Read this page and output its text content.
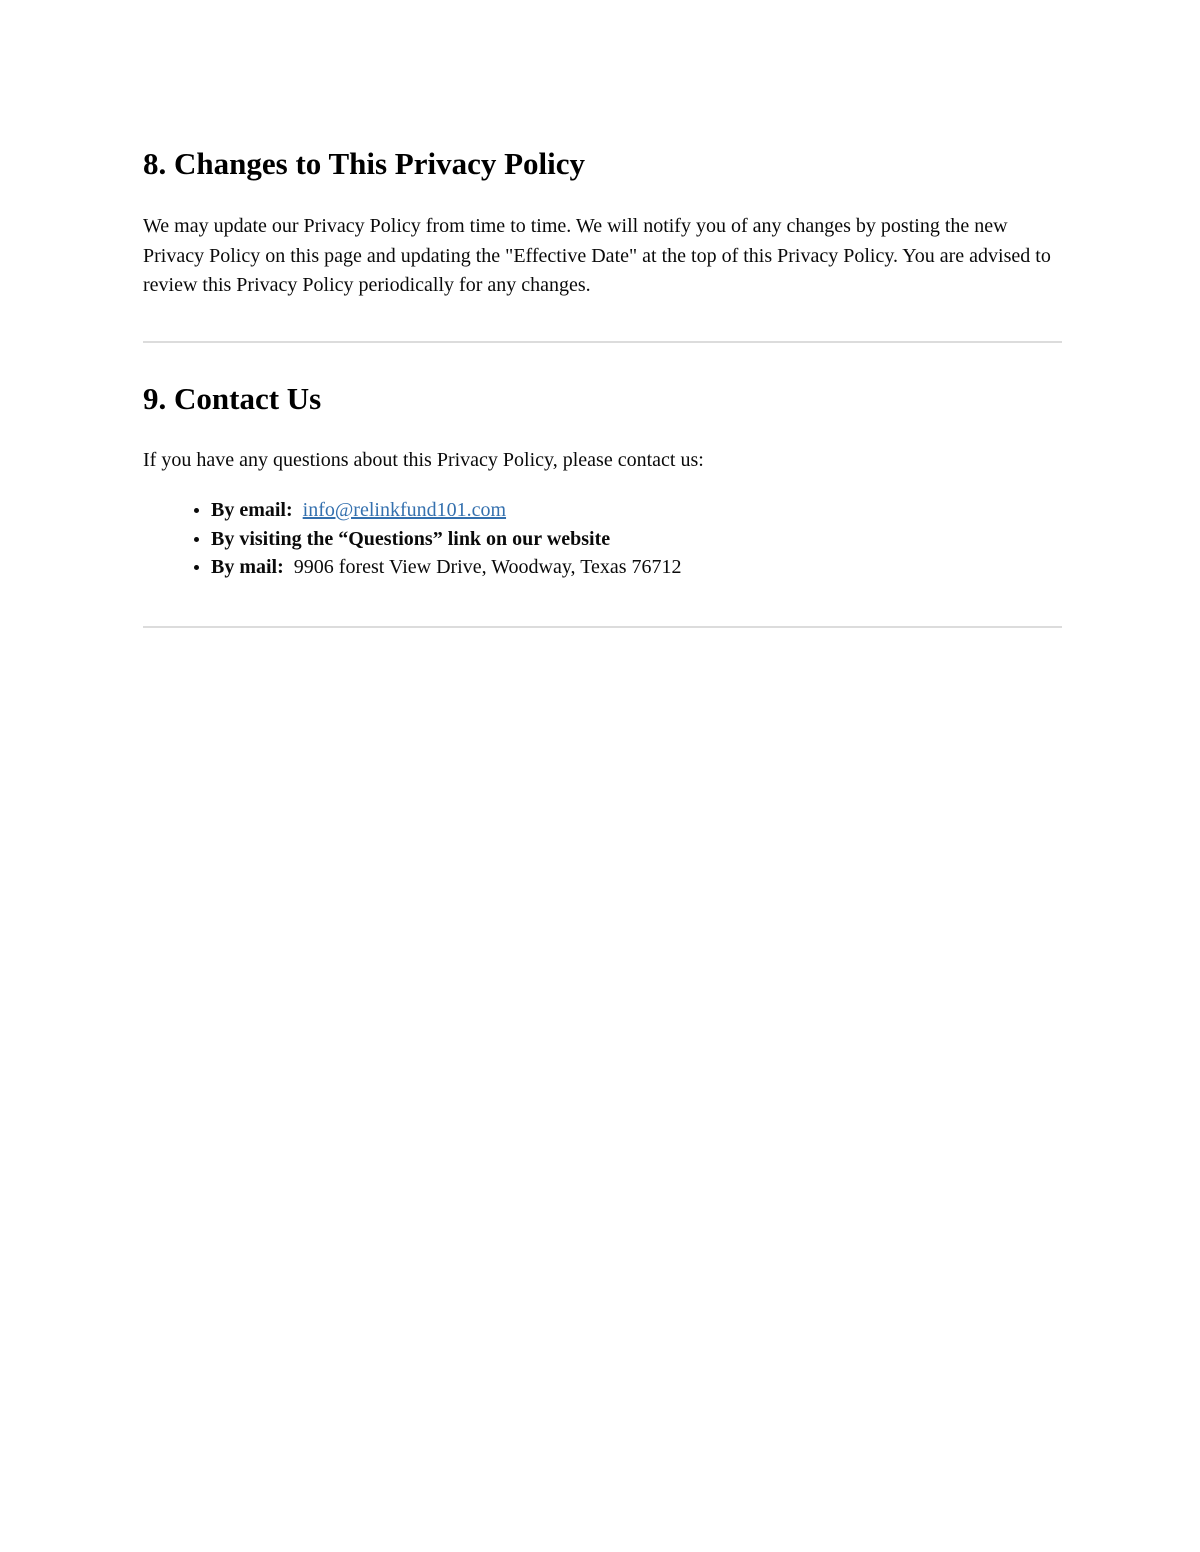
8. Changes to This Privacy Policy

We may update our Privacy Policy from time to time. We will notify you of any changes by posting the new Privacy Policy on this page and updating the "Effective Date" at the top of this Privacy Policy. You are advised to review this Privacy Policy periodically for any changes.

9. Contact Us

If you have any questions about this Privacy Policy, please contact us:

• By email: info@relinkfund101.com
• By visiting the “Questions” link on our website
• By mail: 9906 forest View Drive, Woodway, Texas 76712
